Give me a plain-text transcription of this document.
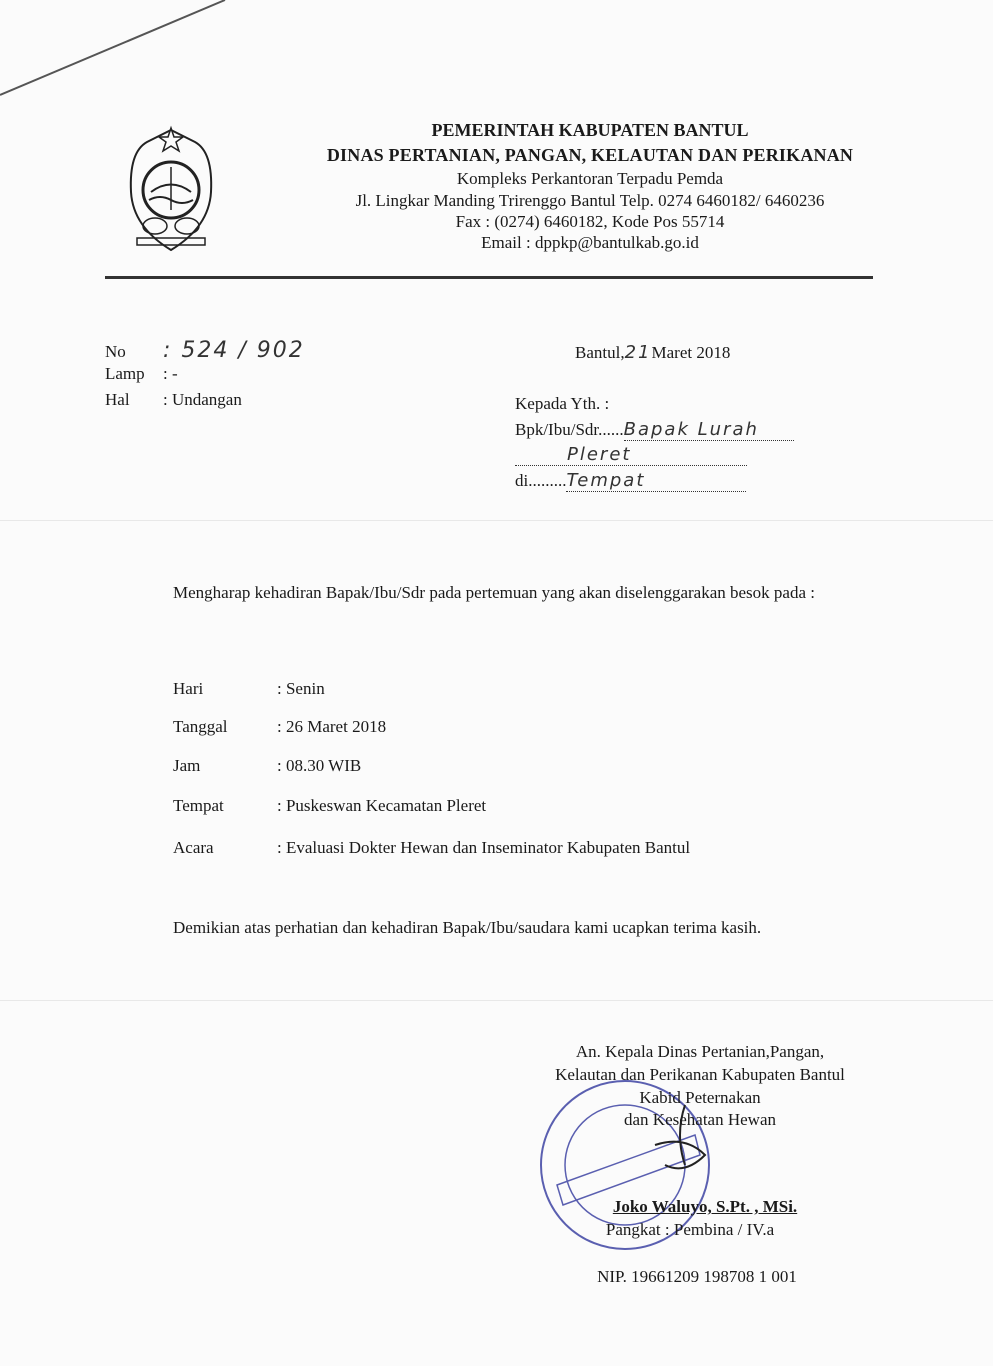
PEMERINTAH KABUPATEN BANTUL
DINAS PERTANIAN, PANGAN, KELAUTAN DAN PERIKANAN
Kompleks Perkantoran Terpadu Pemda
Jl. Lingkar Manding Trirenggo Bantul Telp. 0274 6460182/ 6460236
Fax : (0274) 6460182, Kode Pos 55714
Email : dppkp@bantulkab.go.id
No : 524 / 902
Lamp : -
Hal : Undangan
Bantul,21Maret 2018
Kepada Yth. :
Bpk/Ibu/Sdr......Bapak Lurah
Pleret
di.........Tempat
Mengharap kehadiran Bapak/Ibu/Sdr pada pertemuan yang akan diselenggarakan besok pada :
Hari	: Senin
Tanggal	: 26 Maret 2018
Jam	: 08.30 WIB
Tempat	: Puskeswan Kecamatan Pleret
Acara	: Evaluasi Dokter Hewan dan Inseminator Kabupaten Bantul
Demikian atas perhatian dan kehadiran Bapak/Ibu/saudara kami ucapkan terima kasih.
An. Kepala Dinas Pertanian,Pangan,
Kelautan dan Perikanan Kabupaten Bantul
Kabid Peternakan
dan Kesehatan Hewan
Joko Waluyo, S.Pt. , MSi.
Pangkat : Pembina / IV.a
NIP. 19661209 198708 1 001
